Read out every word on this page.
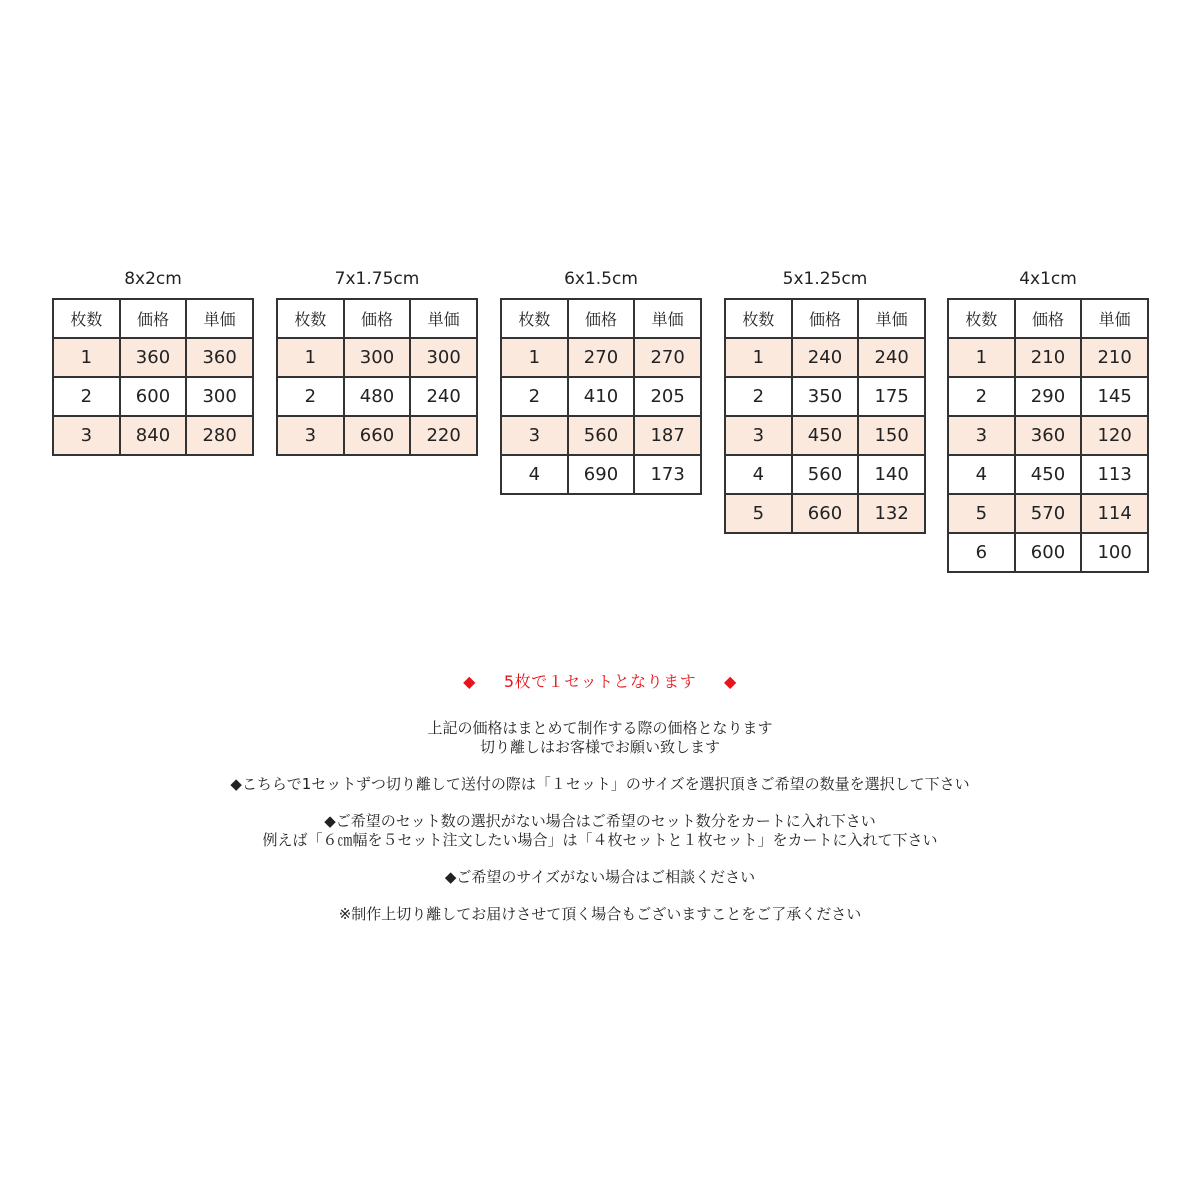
8x2cm
枚数	価格	単価
1	360	360
2	600	300
3	840	280
7x1.75cm
枚数	価格	単価
1	300	300
2	480	240
3	660	220
6x1.5cm
枚数	価格	単価
1	270	270
2	410	205
3	560	187
4	690	173
5x1.25cm
枚数	価格	単価
1	240	240
2	350	175
3	450	150
4	560	140
5	660	132
4x1cm
枚数	価格	単価
1	210	210
2	290	145
3	360	120
4	450	113
5	570	114
6	600	100
◆ 5枚で１セットとなります ◆
上記の価格はまとめて制作する際の価格となります
切り離しはお客様でお願い致します
◆こちらで1セットずつ切り離して送付の際は「１セット」のサイズを選択頂きご希望の数量を選択して下さい
◆ご希望のセット数の選択がない場合はご希望のセット数分をカートに入れ下さい
例えば「６㎝幅を５セット注文したい場合」は「４枚セットと１枚セット」をカートに入れて下さい
◆ご希望のサイズがない場合はご相談ください
※制作上切り離してお届けさせて頂く場合もございますことをご了承ください
